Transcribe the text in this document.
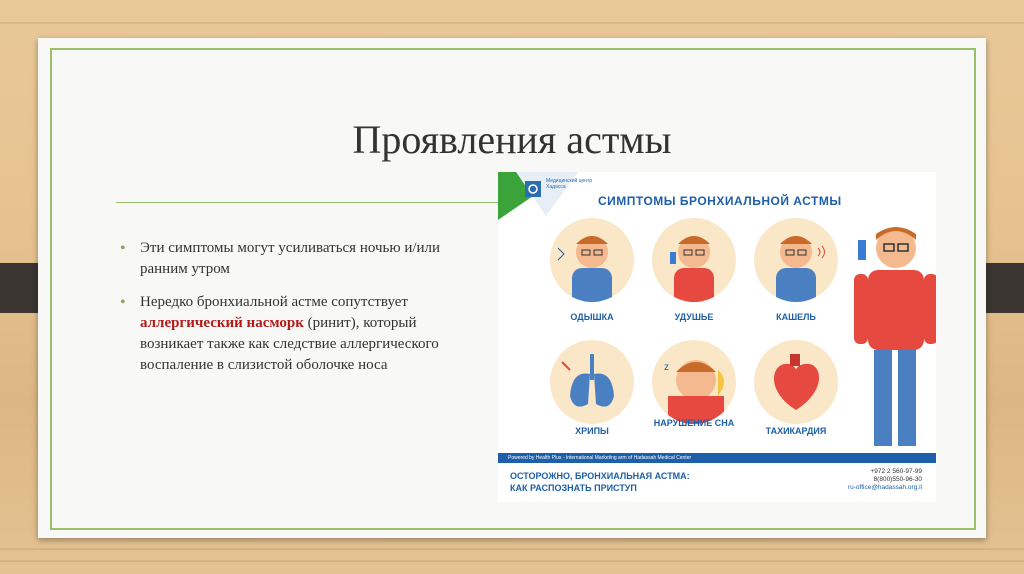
Проявления астмы
• Эти симптомы могут усиливаться ночью и/или ранним утром
• Нередко бронхиальной астме сопутствует аллергический насморк (ринит), который возникает также как следствие аллергического воспаление в слизистой оболочке носа
Медицинский центр Хадасса
СИМПТОМЫ БРОНХИАЛЬНОЙ АСТМЫ
ОДЫШКА	УДУШЬЕ	КАШЕЛЬ
ХРИПЫ
z
НАРУШЕНИЕ СНА
ТАХИКАРДИЯ
Powered by Health Plus - International Marketing arm of Hadassah Medical Center
ОСТОРОЖНО, БРОНХИАЛЬНАЯ АСТМА:
КАК РАСПОЗНАТЬ ПРИСТУП
+972 2 560-97-99
8(800)550-96-30
ru-office@hadassah.org.il
